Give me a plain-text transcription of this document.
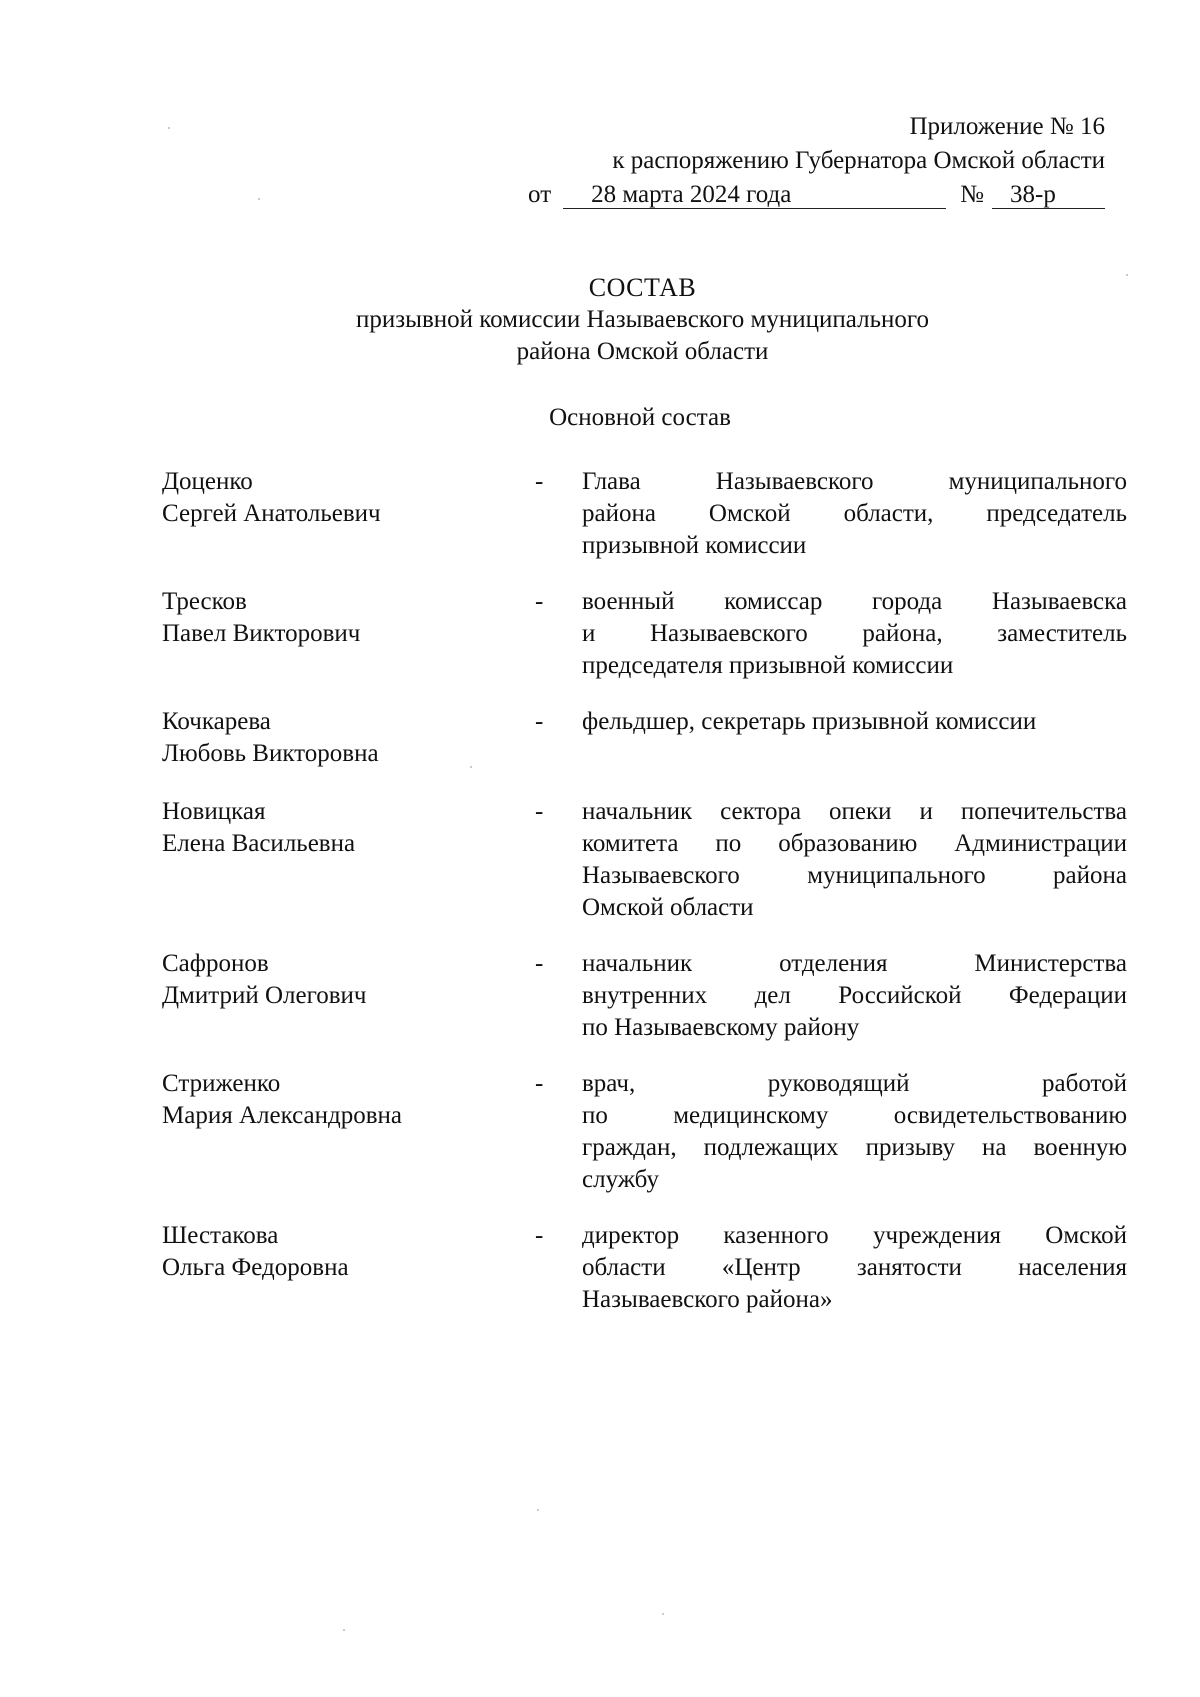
Приложение № 16
к распоряжению Губернатора Омской области
от	28 марта 2024 года	№	38-р
СОСТАВ
призывной комиссии Называевского муниципального
района Омской области
Основной состав
Доценко
Сергей Анатольевич
-	Глава Называевского муниципального
района Омской области, председатель
призывной комиссии
Тресков
Павел Викторович
-	военный комиссар города Называевска
и Называевского района, заместитель
председателя призывной комиссии
Кочкарева
Любовь Викторовна
-	фельдшер, секретарь призывной комиссии
Новицкая
Елена Васильевна
-	начальник сектора опеки и попечительства
комитета по образованию Администрации
Называевского муниципального района
Омской области
Сафронов
Дмитрий Олегович
-	начальник отделения Министерства
внутренних дел Российской Федерации
по Называевскому району
Стриженко
Мария Александровна
-	врач, руководящий работой
по медицинскому освидетельствованию
граждан, подлежащих призыву на военную
службу
Шестакова
Ольга Федоровна
-	директор казенного учреждения Омской
области «Центр занятости населения
Называевского района»
